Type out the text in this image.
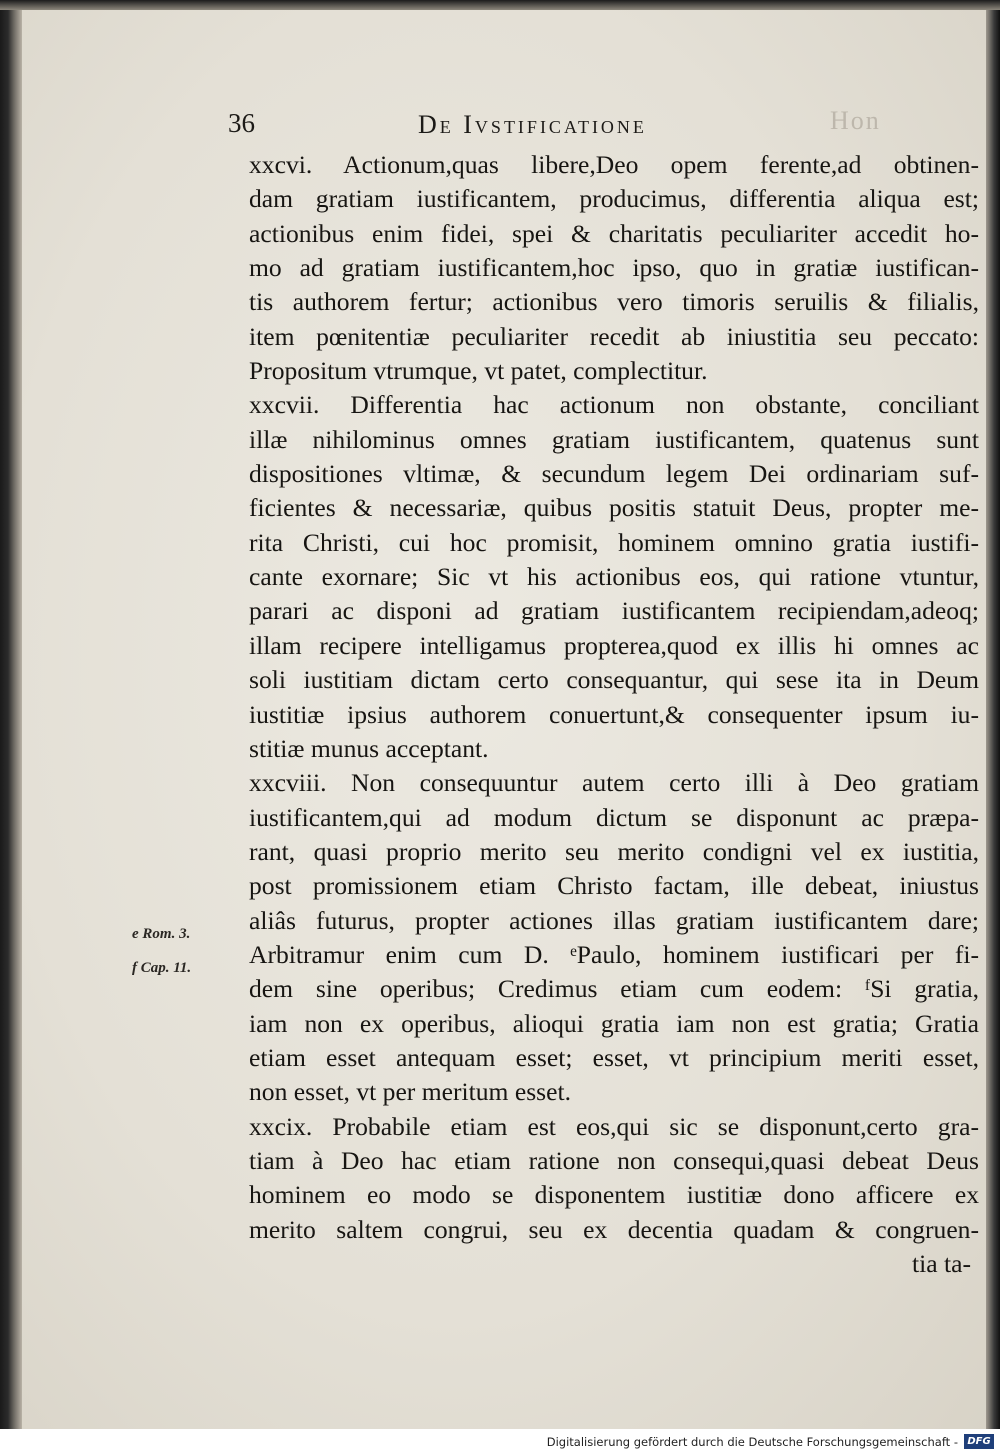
Hon
36	De Ivstificatione
xxcvi. Actionum,quas libere,Deo opem ferente,ad obtinen-
dam gratiam iustificantem, producimus, differentia aliqua est;
actionibus enim fidei, spei & charitatis peculiariter accedit ho-
mo ad gratiam iustificantem,hoc ipso, quo in gratiæ iustifican-
tis authorem fertur; actionibus vero timoris seruilis & filialis,
item pœnitentiæ peculiariter recedit ab iniustitia seu peccato:
Propositum vtrumque, vt patet, complectitur.
xxcvii. Differentia hac actionum non obstante, conciliant
illæ nihilominus omnes gratiam iustificantem, quatenus sunt
dispositiones vltimæ, & secundum legem Dei ordinariam suf-
ficientes & necessariæ, quibus positis statuit Deus, propter me-
rita Christi, cui hoc promisit, hominem omnino gratia iustifi-
cante exornare; Sic vt his actionibus eos, qui ratione vtuntur,
parari ac disponi ad gratiam iustificantem recipiendam,adeoq;
illam recipere intelligamus propterea,quod ex illis hi omnes ac
soli iustitiam dictam certo consequantur, qui sese ita in Deum
iustitiæ ipsius authorem conuertunt,& consequenter ipsum iu-
stitiæ munus acceptant.
xxcviii. Non consequuntur autem certo illi à Deo gratiam
iustificantem,qui ad modum dictum se disponunt ac præpa-
rant, quasi proprio merito seu merito condigni vel ex iustitia,
post promissionem etiam Christo factam, ille debeat, iniustus
aliâs futurus, propter actiones illas gratiam iustificantem dare;
Arbitramur enim cum D. ᵉPaulo, hominem iustificari per fi-
dem sine operibus; Credimus etiam cum eodem: ᶠSi gratia,
iam non ex operibus, alioqui gratia iam non est gratia; Gratia
etiam esset antequam esset; esset, vt principium meriti esset,
non esset, vt per meritum esset.
xxcix. Probabile etiam est eos,qui sic se disponunt,certo gra-
tiam à Deo hac etiam ratione non consequi,quasi debeat Deus
hominem eo modo se disponentem iustitiæ dono afficere ex
merito saltem congrui, seu ex decentia quadam & congruen-
tia ta-
e Rom. 3.
f Cap. 11.
Digitalisierung gefördert durch die Deutsche Forschungsgemeinschaft - DFG
